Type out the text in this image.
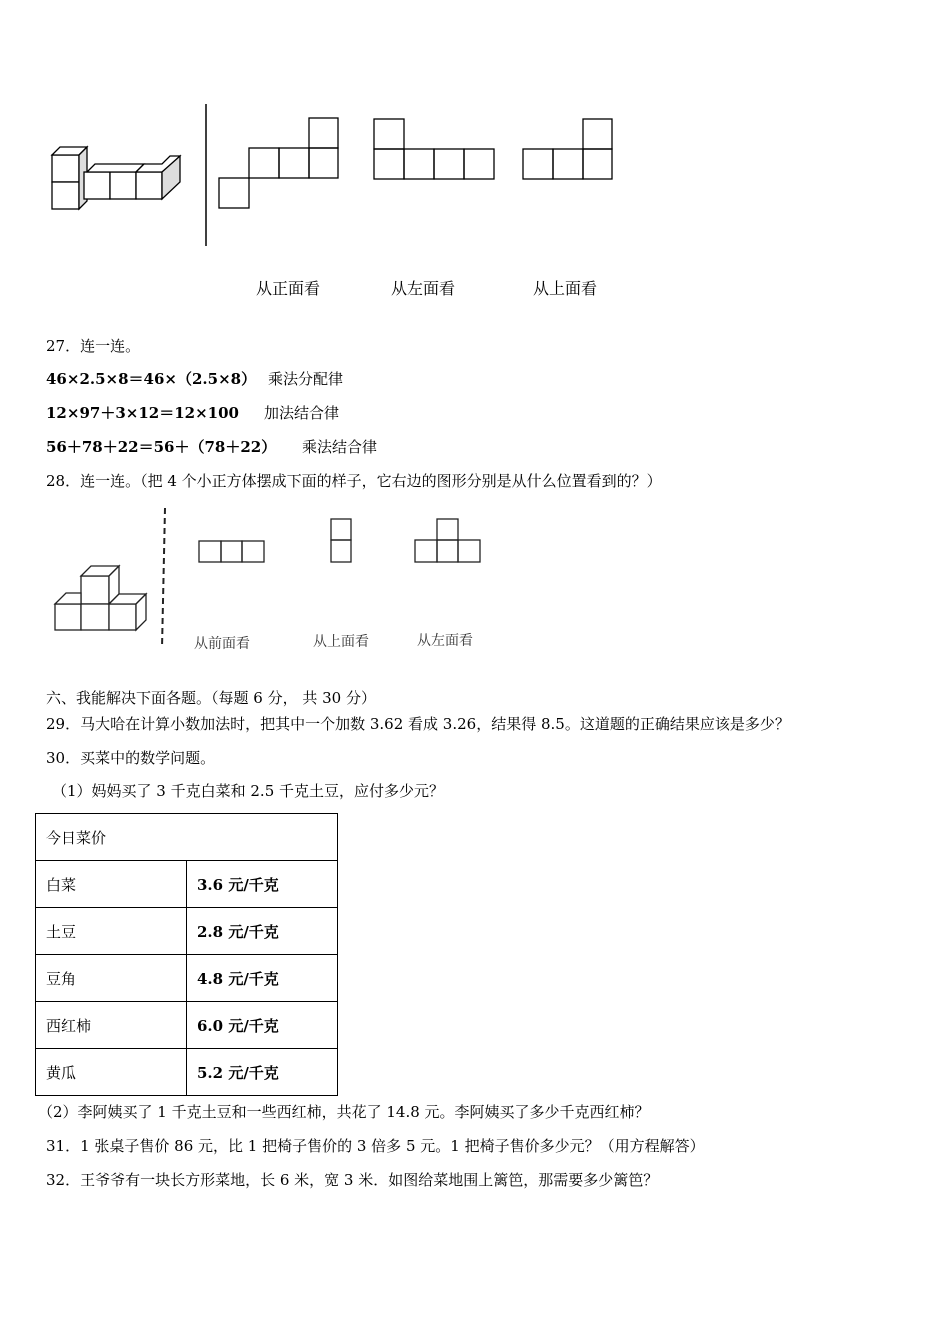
从正面看	从左面看	从上面看
27．连一连。
46×2.5×8＝46×（2.5×8） 乘法分配律
12×97＋3×12＝12×100 加法结合律
56＋78＋22＝56＋（78＋22） 乘法结合律
28．连一连。（把 4 个小正方体摆成下面的样子，它右边的图形分别是从什么位置看到的？）
从前面看	从上面看	从左面看
六、我能解决下面各题。（每题 6 分， 共 30 分）
29．马大哈在计算小数加法时，把其中一个加数 3.62 看成 3.26，结果得 8.5。这道题的正确结果应该是多少？
30．买菜中的数学问题。
（1）妈妈买了 3 千克白菜和 2.5 千克土豆，应付多少元？
今日菜价	
白菜	3.6 元/千克
土豆	2.8 元/千克
豆角	4.8 元/千克
西红柿	6.0 元/千克
黄瓜	5.2 元/千克
（2）李阿姨买了 1 千克土豆和一些西红柿，共花了 14.8 元。李阿姨买了多少千克西红柿？
31．1 张桌子售价 86 元，比 1 把椅子售价的 3 倍多 5 元。1 把椅子售价多少元？（用方程解答）
32．王爷爷有一块长方形菜地，长 6 米，宽 3 米．如图给菜地围上篱笆，那需要多少篱笆？
